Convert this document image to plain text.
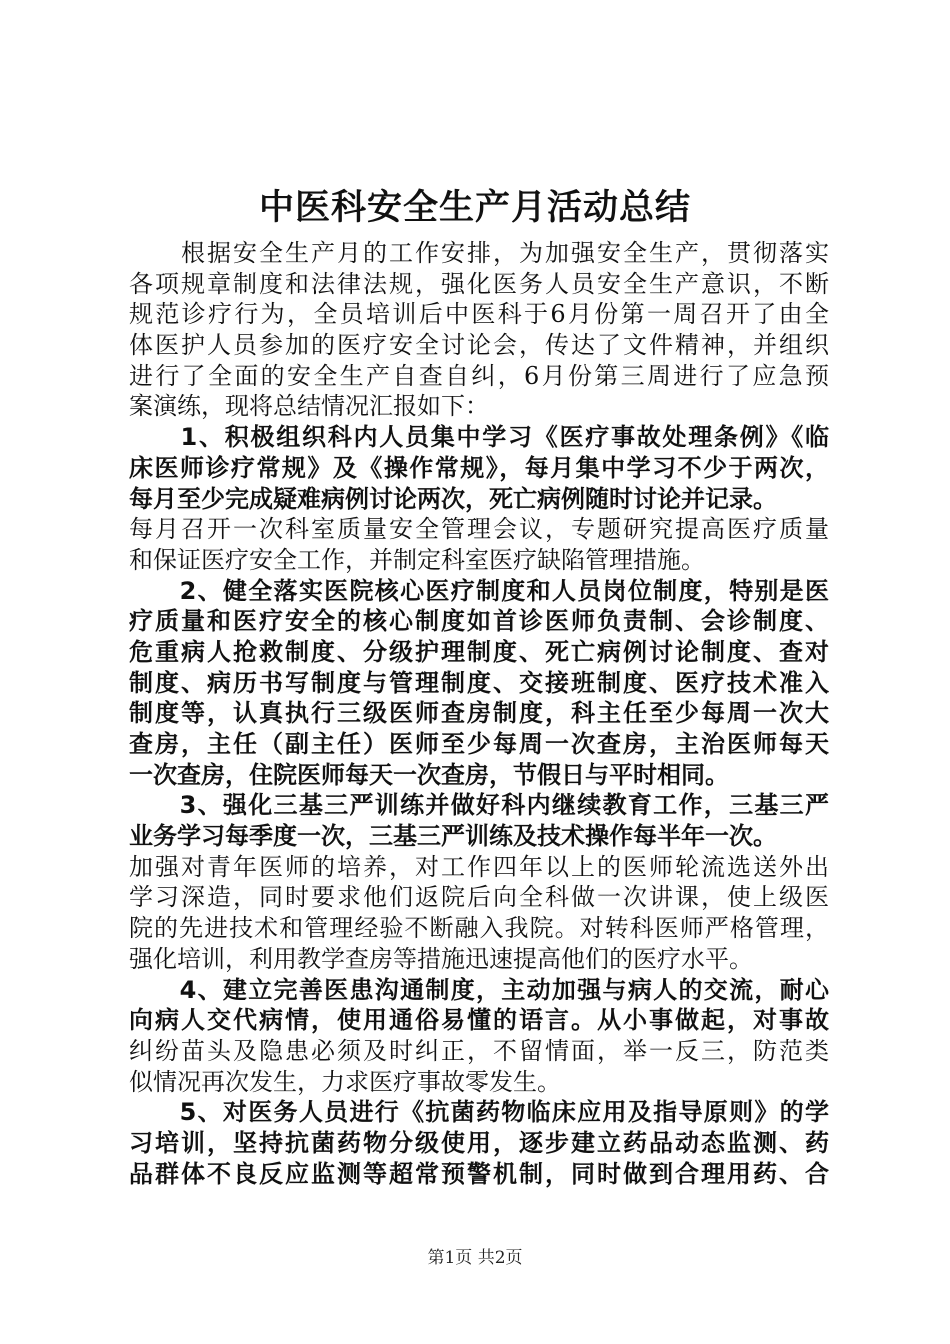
中医科安全生产月活动总结
　　根据安全生产月的工作安排，为加强安全生产，贯彻落实
各项规章制度和法律法规，强化医务人员安全生产意识，不断
规范诊疗行为，全员培训后中医科于6月份第一周召开了由全
体医护人员参加的医疗安全讨论会，传达了文件精神，并组织
进行了全面的安全生产自查自纠，6月份第三周进行了应急预
案演练，现将总结情况汇报如下：
　　1、积极组织科内人员集中学习《医疗事故处理条例》《临
床医师诊疗常规》及《操作常规》，每月集中学习不少于两次，
每月至少完成疑难病例讨论两次，死亡病例随时讨论并记录。
每月召开一次科室质量安全管理会议，专题研究提高医疗质量
和保证医疗安全工作，并制定科室医疗缺陷管理措施。
　　2、健全落实医院核心医疗制度和人员岗位制度，特别是医
疗质量和医疗安全的核心制度如首诊医师负责制、会诊制度、
危重病人抢救制度、分级护理制度、死亡病例讨论制度、查对
制度、病历书写制度与管理制度、交接班制度、医疗技术准入
制度等，认真执行三级医师查房制度，科主任至少每周一次大
查房，主任（副主任）医师至少每周一次查房，主治医师每天
一次查房，住院医师每天一次查房，节假日与平时相同。
　　3、强化三基三严训练并做好科内继续教育工作，三基三严
业务学习每季度一次，三基三严训练及技术操作每半年一次。
加强对青年医师的培养，对工作四年以上的医师轮流选送外出
学习深造，同时要求他们返院后向全科做一次讲课，使上级医
院的先进技术和管理经验不断融入我院。对转科医师严格管理，
强化培训，利用教学查房等措施迅速提高他们的医疗水平。
　　4、建立完善医患沟通制度，主动加强与病人的交流，耐心
向病人交代病情，使用通俗易懂的语言。从小事做起，对事故
纠纷苗头及隐患必须及时纠正，不留情面，举一反三，防范类
似情况再次发生，力求医疗事故零发生。
　　5、对医务人员进行《抗菌药物临床应用及指导原则》的学
习培训，坚持抗菌药物分级使用，逐步建立药品动态监测、药
品群体不良反应监测等超常预警机制，同时做到合理用药、合
第1页 共2页
